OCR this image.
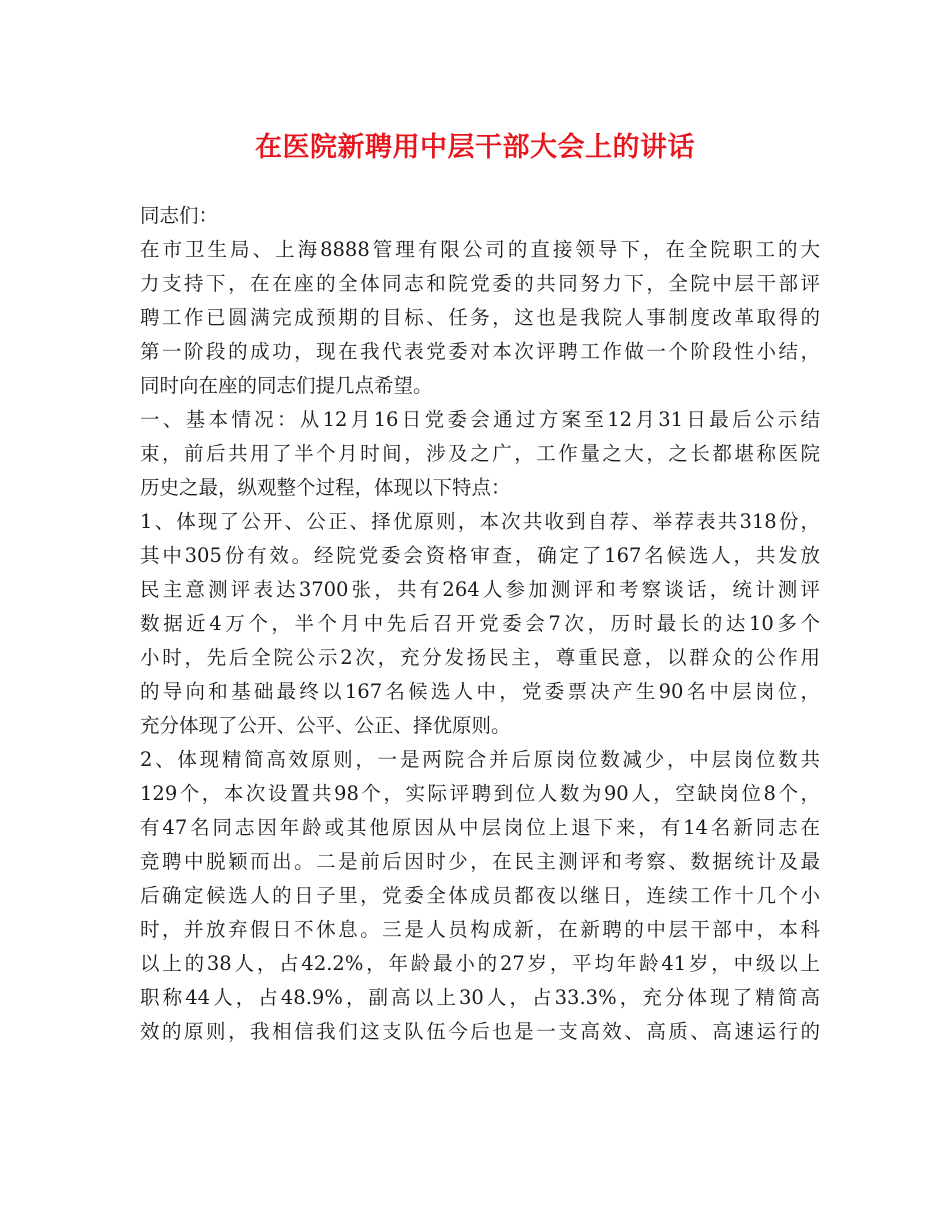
在医院新聘用中层干部大会上的讲话
同志们：
在市卫生局、上海8888管理有限公司的直接领导下，在全院职工的大
力支持下，在在座的全体同志和院党委的共同努力下，全院中层干部评
聘工作已圆满完成预期的目标、任务，这也是我院人事制度改革取得的
第一阶段的成功，现在我代表党委对本次评聘工作做一个阶段性小结，
同时向在座的同志们提几点希望。
一、基本情况：从12月16日党委会通过方案至12月31日最后公示结
束，前后共用了半个月时间，涉及之广，工作量之大，之长都堪称医院
历史之最，纵观整个过程，体现以下特点：
1、体现了公开、公正、择优原则，本次共收到自荐、举荐表共318份，
其中305份有效。经院党委会资格审查，确定了167名候选人，共发放
民主意测评表达3700张，共有264人参加测评和考察谈话，统计测评
数据近4万个，半个月中先后召开党委会7次，历时最长的达10多个
小时，先后全院公示2次，充分发扬民主，尊重民意，以群众的公作用
的导向和基础最终以167名候选人中，党委票决产生90名中层岗位，
充分体现了公开、公平、公正、择优原则。
2、体现精简高效原则，一是两院合并后原岗位数减少，中层岗位数共
129个，本次设置共98个，实际评聘到位人数为90人，空缺岗位8个，
有47名同志因年龄或其他原因从中层岗位上退下来，有14名新同志在
竞聘中脱颖而出。二是前后因时少，在民主测评和考察、数据统计及最
后确定候选人的日子里，党委全体成员都夜以继日，连续工作十几个小
时，并放弃假日不休息。三是人员构成新，在新聘的中层干部中，本科
以上的38人，占42.2%，年龄最小的27岁，平均年龄41岁，中级以上
职称44人，占48.9%，副高以上30人，占33.3%，充分体现了精简高
效的原则，我相信我们这支队伍今后也是一支高效、高质、高速运行的
